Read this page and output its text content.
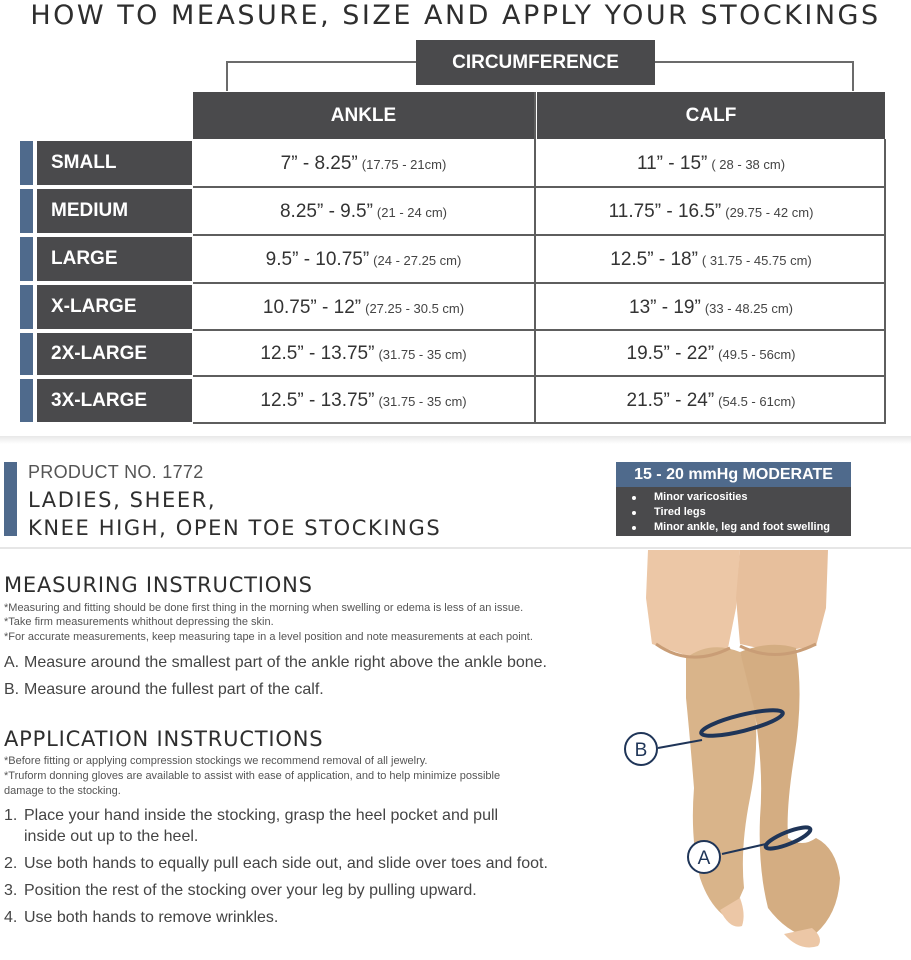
HOW TO MEASURE, SIZE AND APPLY YOUR STOCKINGS
CIRCUMFERENCE
ANKLE	CALF
SMALL	7” - 8.25” (17.75 - 21cm)	11” - 15” ( 28 - 38 cm)
MEDIUM	8.25” - 9.5” (21 - 24 cm)	11.75” - 16.5” (29.75 - 42 cm)
LARGE	9.5” - 10.75” (24 - 27.25 cm)	12.5” - 18” ( 31.75 - 45.75 cm)
X-LARGE	10.75” - 12” (27.25 - 30.5 cm)	13” - 19” (33 - 48.25 cm)
2X-LARGE	12.5” - 13.75” (31.75 - 35 cm)	19.5” - 22” (49.5 - 56cm)
3X-LARGE	12.5” - 13.75” (31.75 - 35 cm)	21.5” - 24” (54.5 - 61cm)
PRODUCT NO. 1772
LADIES, SHEER,
KNEE HIGH, OPEN TOE STOCKINGS
15 - 20 mmHg MODERATE
Minor varicosities
Tired legs
Minor ankle, leg and foot swelling
MEASURING INSTRUCTIONS
*Measuring and fitting should be done first thing in the morning when swelling or edema is less of an issue.
*Take firm measurements whithout depressing the skin.
*For accurate measurements, keep measuring tape in a level position and note measurements at each point.
A. Measure around the smallest part of the ankle right above the ankle bone.
B. Measure around the fullest part of the calf.
APPLICATION INSTRUCTIONS
*Before fitting or applying compression stockings we recommend removal of all jewelry.
*Truform donning gloves are available to assist with ease of application, and to help minimize possible
damage to the stocking.
1. Place your hand inside the stocking, grasp the heel pocket and pull
inside out up to the heel.
2. Use both hands to equally pull each side out, and slide over toes and foot.
3. Position the rest of the stocking over your leg by pulling upward.
4. Use both hands to remove wrinkles.
B
A
